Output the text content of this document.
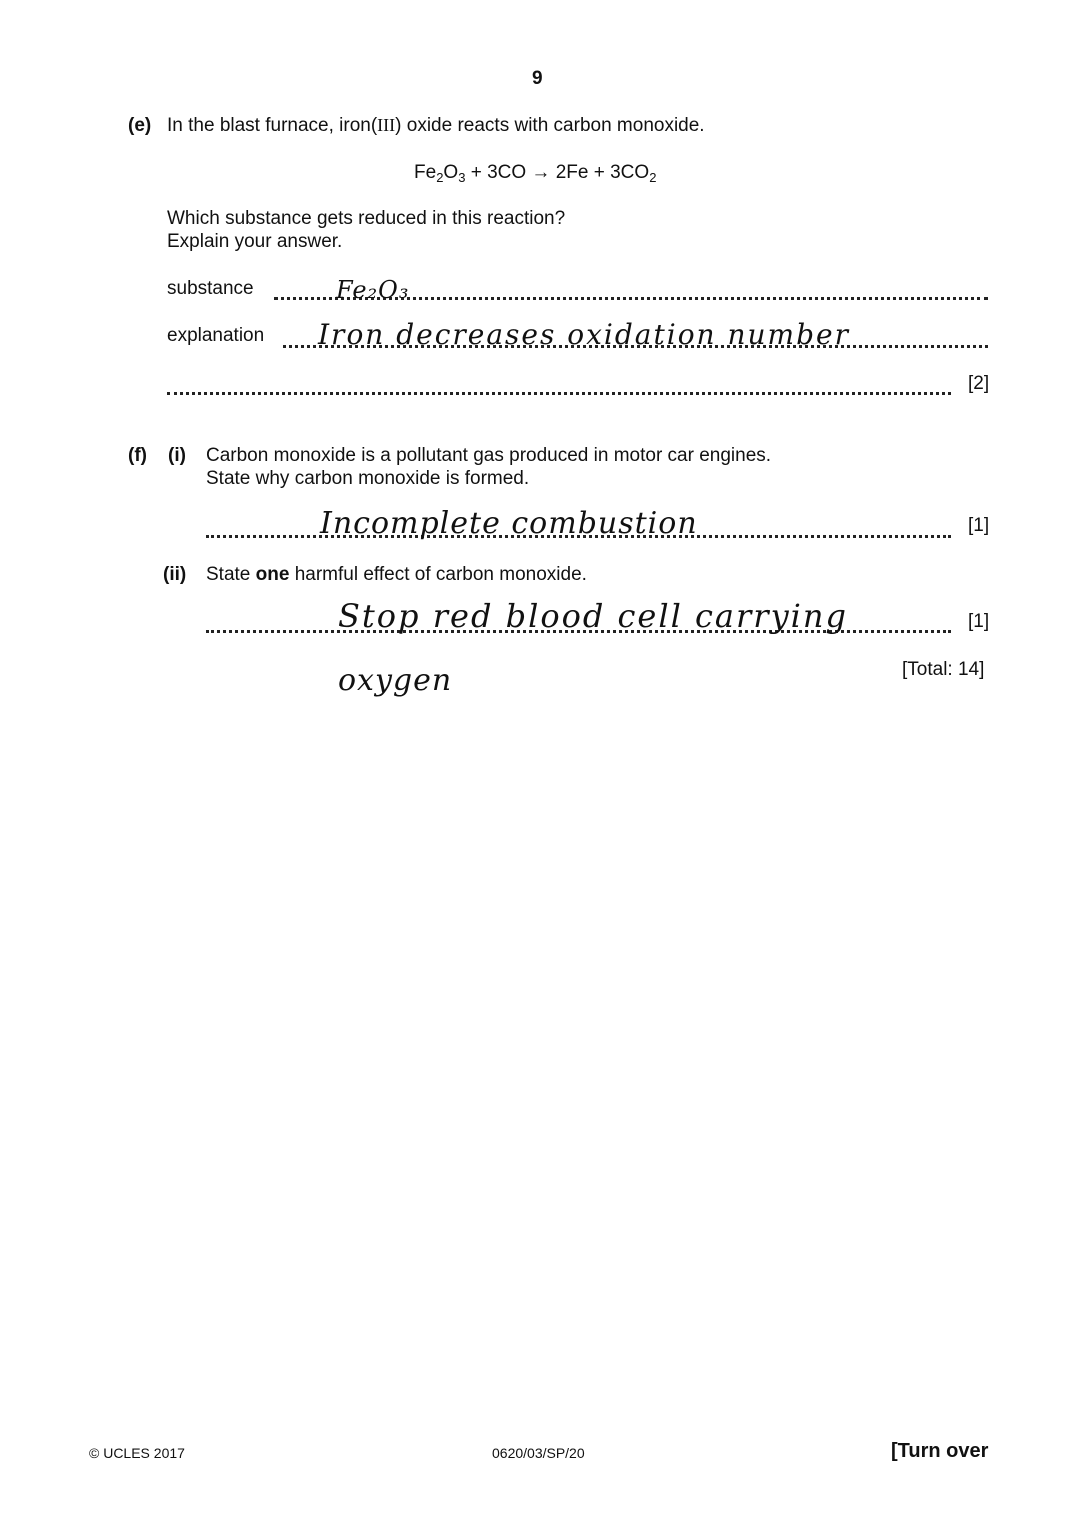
9
(e) In the blast furnace, iron(III) oxide reacts with carbon monoxide.
$Fe_2O_3 + 3CO \to 2Fe + 3CO_2$
Which substance gets reduced in this reaction?
Explain your answer.
substance	Fe₂O₃
explanation Iron decreases oxidation number
[2]
(f) (i) Carbon monoxide is a pollutant gas produced in motor car engines.
State why carbon monoxide is formed.
Incomplete combustion	[1]
(ii) State one harmful effect of carbon monoxide.
Stop red blood cell carrying	[1]
oxygen	[Total: 14]
© UCLES 2017	0620/03/SP/20	[Turn over
